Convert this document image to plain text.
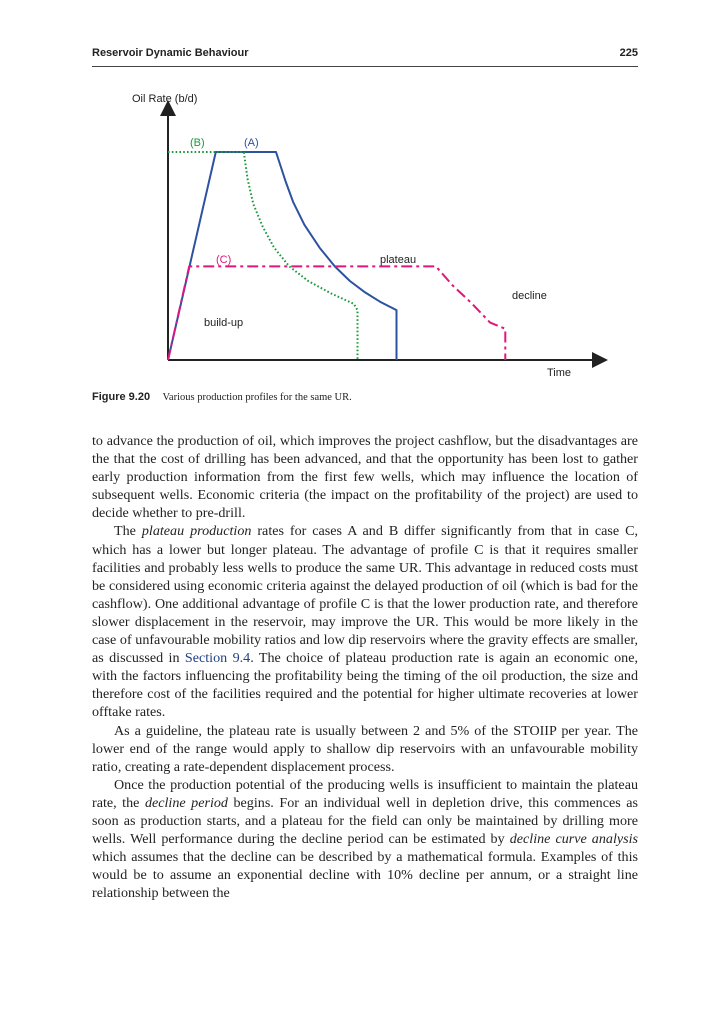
Reservoir Dynamic Behaviour	225
Oil Rate (b/d)
Time
(B)	(A)
(C)	plateau
decline
build-up
Figure 9.20 Various production profiles for the same UR.

to advance the production of oil, which improves the project cashflow, but the disadvantages are the that the cost of drilling has been advanced, and that the opportunity has been lost to gather early production information from the first few wells, which may influence the location of subsequent wells. Economic criteria (the impact on the profitability of the project) are used to decide whether to pre-drill.

The plateau production rates for cases A and B differ significantly from that in case C, which has a lower but longer plateau. The advantage of profile C is that it requires smaller facilities and probably less wells to produce the same UR. This advantage in reduced costs must be considered using economic criteria against the delayed production of oil (which is bad for the cashflow). One additional advantage of profile C is that the lower production rate, and therefore slower displacement in the reservoir, may improve the UR. This would be more likely in the case of unfavourable mobility ratios and low dip reservoirs where the gravity effects are smaller, as discussed in Section 9.4. The choice of plateau production rate is again an economic one, with the factors influencing the profitability being the timing of the oil production, the size and therefore cost of the facilities required and the potential for higher ultimate recoveries at lower offtake rates.

As a guideline, the plateau rate is usually between 2 and 5% of the STOIIP per year. The lower end of the range would apply to shallow dip reservoirs with an unfavourable mobility ratio, creating a rate-dependent displacement process.

Once the production potential of the producing wells is insufficient to maintain the plateau rate, the decline period begins. For an individual well in depletion drive, this commences as soon as production starts, and a plateau for the field can only be maintained by drilling more wells. Well performance during the decline period can be estimated by decline curve analysis which assumes that the decline can be described by a mathematical formula. Examples of this would be to assume an exponential decline with 10% decline per annum, or a straight line relationship between the
